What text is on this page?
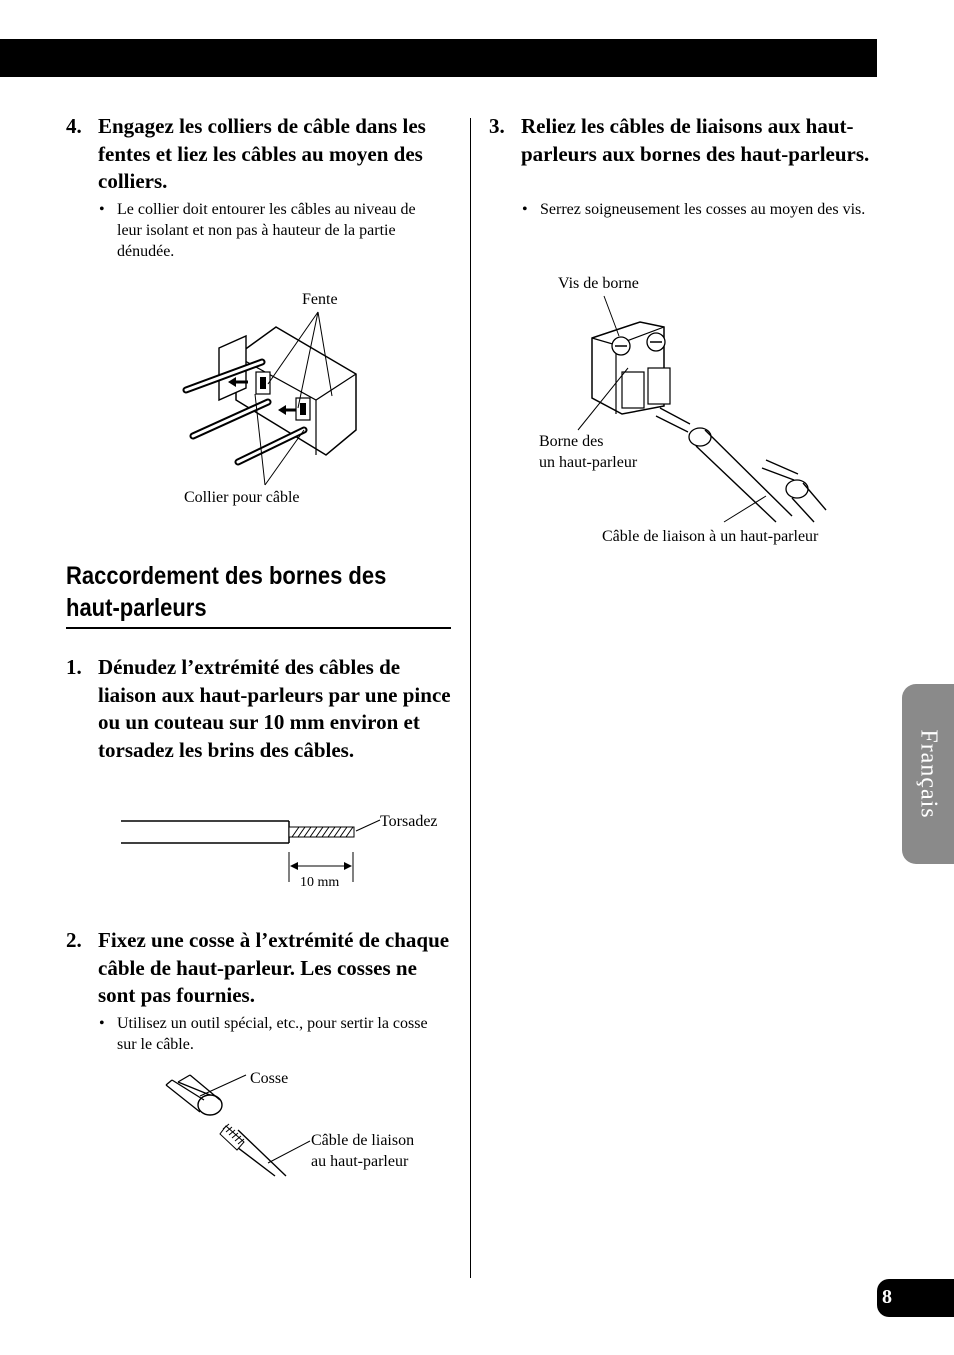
4. Engagez les colliers de câble dans les fentes et liez les câbles au moyen des colliers.
• Le collier doit entourer les câbles au niveau de leur isolant et non pas à hauteur de la partie dénudée.
Fente
Collier pour câble
Raccordement des bornes des haut-parleurs
1. Dénudez l’extrémité des câbles de liaison aux haut-parleurs par une pince ou un couteau sur 10 mm environ et torsadez les brins des câbles.
Torsadez
10 mm
2. Fixez une cosse à l’extrémité de chaque câble de haut-parleur. Les cosses ne sont pas fournies.
• Utilisez un outil spécial, etc., pour sertir la cosse sur le câble.
Cosse
Câble de liaison
au haut-parleur
3. Reliez les câbles de liaisons aux haut-parleurs aux bornes des haut-parleurs.
• Serrez soigneusement les cosses au moyen des vis.
Vis de borne
Borne des
un haut-parleur
Câble de liaison à un haut-parleur
Français
8
